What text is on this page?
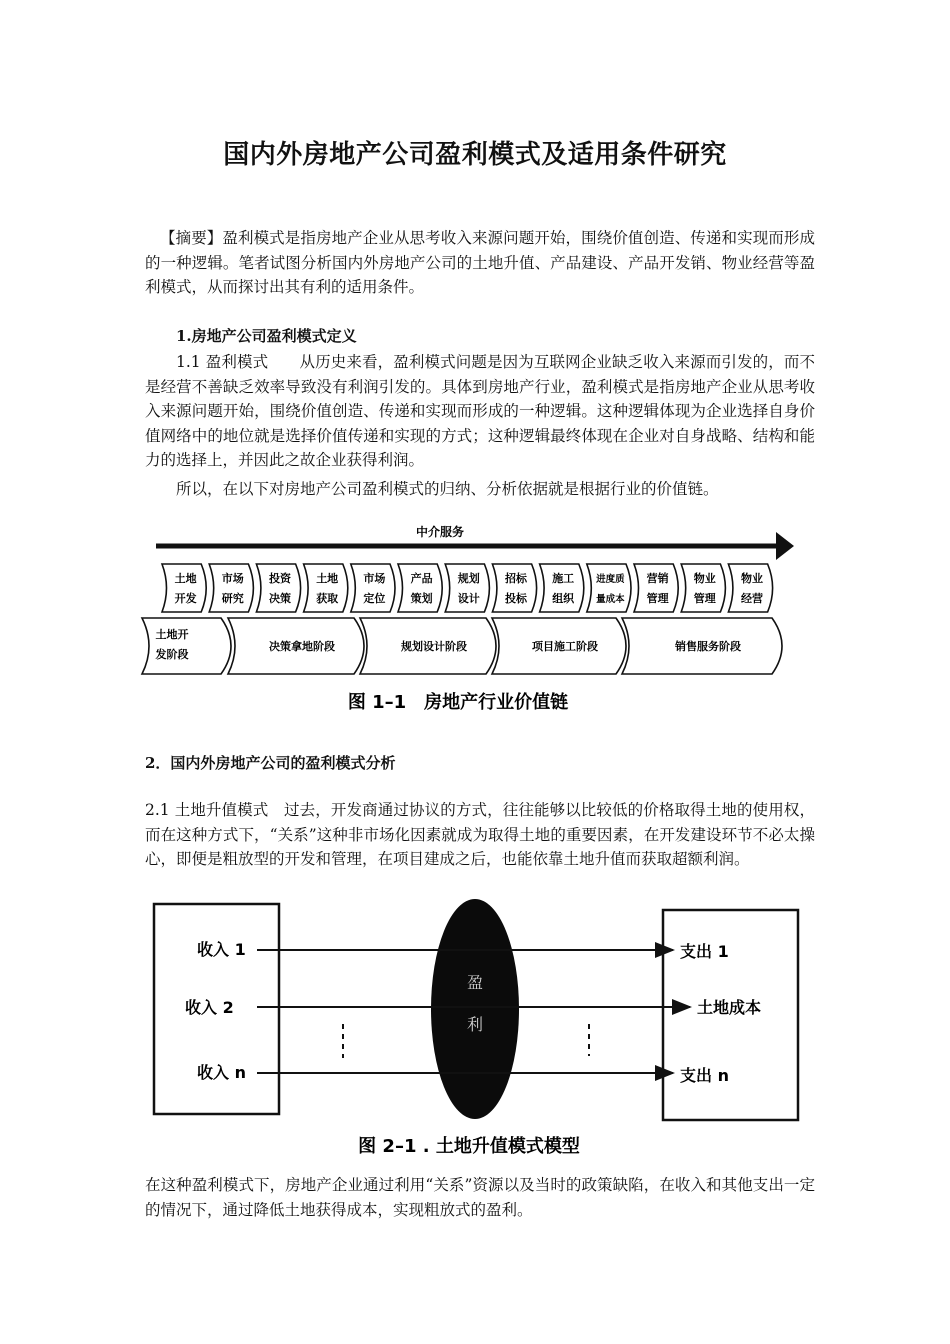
国内外房地产公司盈利模式及适用条件研究
【摘要】盈利模式是指房地产企业从思考收入来源问题开始，围绕价值创造、传递和实现而形成的一种逻辑。笔者试图分析国内外房地产公司的土地升值、产品建设、产品开发销、物业经营等盈利模式，从而探讨出其有利的适用条件。
1.房地产公司盈利模式定义
1.1 盈利模式　　从历史来看，盈利模式问题是因为互联网企业缺乏收入来源而引发的，而不是经营不善缺乏效率导致没有利润引发的。具体到房地产行业，盈利模式是指房地产企业从思考收入来源问题开始，围绕价值创造、传递和实现而形成的一种逻辑。这种逻辑体现为企业选择自身价值网络中的地位就是选择价值传递和实现的方式；这种逻辑最终体现在企业对自身战略、结构和能力的选择上，并因此之故企业获得利润。
所以，在以下对房地产公司盈利模式的归纳、分析依据就是根据行业的价值链。
中介服务
土地
开发
市场
研究
投资
决策
土地
获取
市场
定位
产品
策划
规划
设计
招标
投标
施工
组织
进度质
量成本
营销
管理
物业
管理
物业
经营
土地开
发阶段
决策拿地阶段	规划设计阶段	项目施工阶段	销售服务阶段
图 1–1　房地产行业价值链
2．国内外房地产公司的盈利模式分析
2.1 土地升值模式　过去，开发商通过协议的方式，往往能够以比较低的价格取得土地的使用权，而在这种方式下，“关系”这种非市场化因素就成为取得土地的重要因素，在开发建设环节不必太操心，即便是粗放型的开发和管理，在项目建成之后，也能依靠土地升值而获取超额利润。
盈
利
收入 1
收入 2
收入 n
支出 1
土地成本
支出 n
图 2–1 . 土地升值模式模型
在这种盈利模式下，房地产企业通过利用“关系”资源以及当时的政策缺陷，在收入和其他支出一定的情况下，通过降低土地获得成本，实现粗放式的盈利。
